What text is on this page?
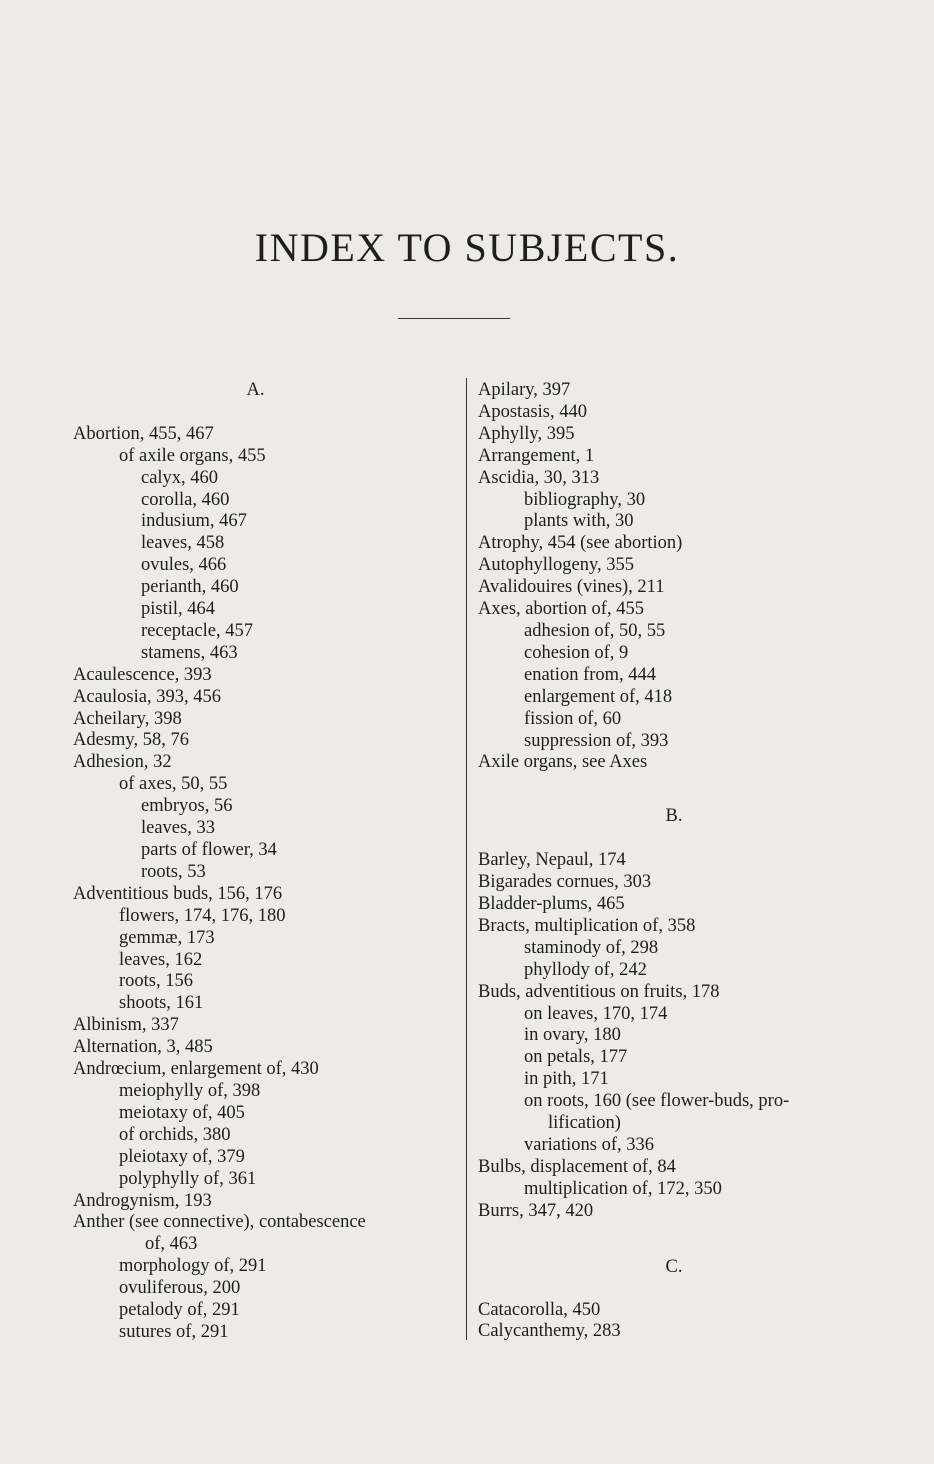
INDEX TO SUBJECTS.
A.
Abortion, 455, 467
of axile organs, 455
calyx, 460
corolla, 460
indusium, 467
leaves, 458
ovules, 466
perianth, 460
pistil, 464
receptacle, 457
stamens, 463
Acaulescence, 393
Acaulosia, 393, 456
Acheilary, 398
Adesmy, 58, 76
Adhesion, 32
of axes, 50, 55
embryos, 56
leaves, 33
parts of flower, 34
roots, 53
Adventitious buds, 156, 176
flowers, 174, 176, 180
gemmæ, 173
leaves, 162
roots, 156
shoots, 161
Albinism, 337
Alternation, 3, 485
Andrœcium, enlargement of, 430
meiophylly of, 398
meiotaxy of, 405
of orchids, 380
pleiotaxy of, 379
polyphylly of, 361
Androgynism, 193
Anther (see connective), contabescence
of, 463
morphology of, 291
ovuliferous, 200
petalody of, 291
sutures of, 291
Apilary, 397
Apostasis, 440
Aphylly, 395
Arrangement, 1
Ascidia, 30, 313
bibliography, 30
plants with, 30
Atrophy, 454 (see abortion)
Autophyllogeny, 355
Avalidouires (vines), 211
Axes, abortion of, 455
adhesion of, 50, 55
cohesion of, 9
enation from, 444
enlargement of, 418
fission of, 60
suppression of, 393
Axile organs, see Axes
B.
Barley, Nepaul, 174
Bigarades cornues, 303
Bladder-plums, 465
Bracts, multiplication of, 358
staminody of, 298
phyllody of, 242
Buds, adventitious on fruits, 178
on leaves, 170, 174
in ovary, 180
on petals, 177
in pith, 171
on roots, 160 (see flower-buds, pro-
lification)
variations of, 336
Bulbs, displacement of, 84
multiplication of, 172, 350
Burrs, 347, 420
C.
Catacorolla, 450
Calycanthemy, 283
